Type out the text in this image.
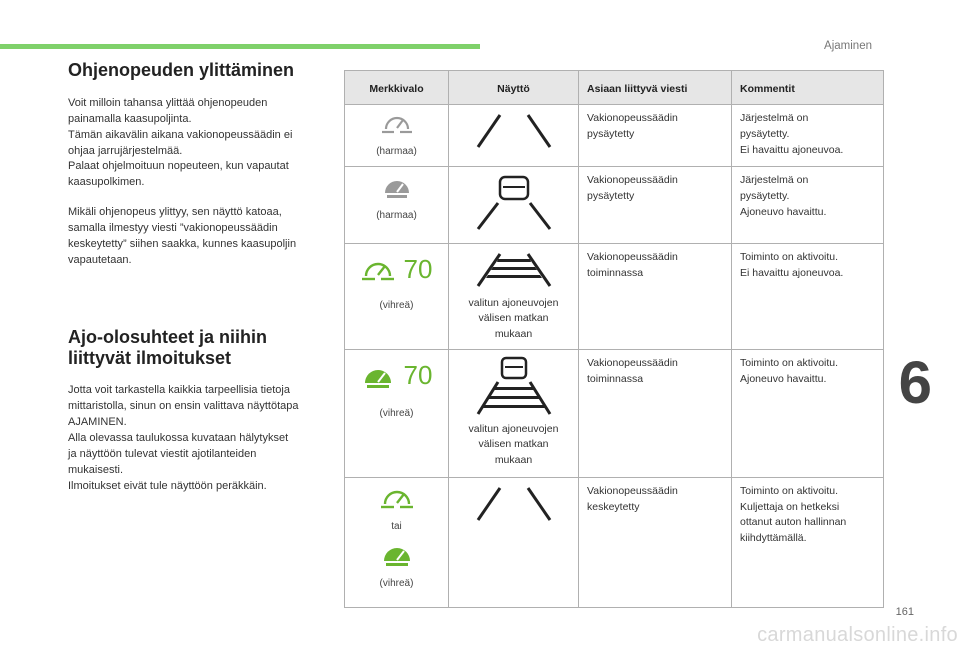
Ajaminen
6
161
carmanualsonline.info
Ohjenopeuden ylittäminen

Voit milloin tahansa ylittää ohjenopeuden
painamalla kaasupoljinta.
Tämän aikavälin aikana vakionopeussäädin ei
ohjaa jarrujärjestelmää.
Palaat ohjelmoituun nopeuteen, kun vapautat
kaasupolkimen.

Mikäli ohjenopeus ylittyy, sen näyttö katoaa,
samalla ilmestyy viesti ”vakionopeussäädin
keskeytetty” siihen saakka, kunnes kaasupoljin
vapautetaan.

Ajo-olosuhteet ja niihin
liittyvät ilmoitukset

Jotta voit tarkastella kaikkia tarpeellisia tietoja
mittaristolla, sinun on ensin valittava näyttötapa
AJAMINEN.
Alla olevassa taulukossa kuvataan hälytykset
ja näyttöön tulevat viestit ajotilanteiden
mukaisesti.
Ilmoitukset eivät tule näyttöön peräkkäin.

Merkkivalo	Näyttö	Asiaan liittyvä viesti	Kommentit

(harmaa)		Vakionopeussäädin
pysäytetty	Järjestelmä on
pysäytetty.
Ei havaittu ajoneuvoa.

(harmaa)		Vakionopeussäädin
pysäytetty	Järjestelmä on
pysäytetty.
Ajoneuvo havaittu.

70
(vihreä)	valitun ajoneuvojen
välisen matkan
mukaan	Vakionopeussäädin
toiminnassa	Toiminto on aktivoitu.
Ei havaittu ajoneuvoa.

70
(vihreä)	valitun ajoneuvojen
välisen matkan
mukaan	Vakionopeussäädin
toiminnassa	Toiminto on aktivoitu.
Ajoneuvo havaittu.

tai
(vihreä)		Vakionopeussäädin
keskeytetty	Toiminto on aktivoitu.
Kuljettaja on hetkeksi
ottanut auton hallinnan
kiihdyttämällä.
